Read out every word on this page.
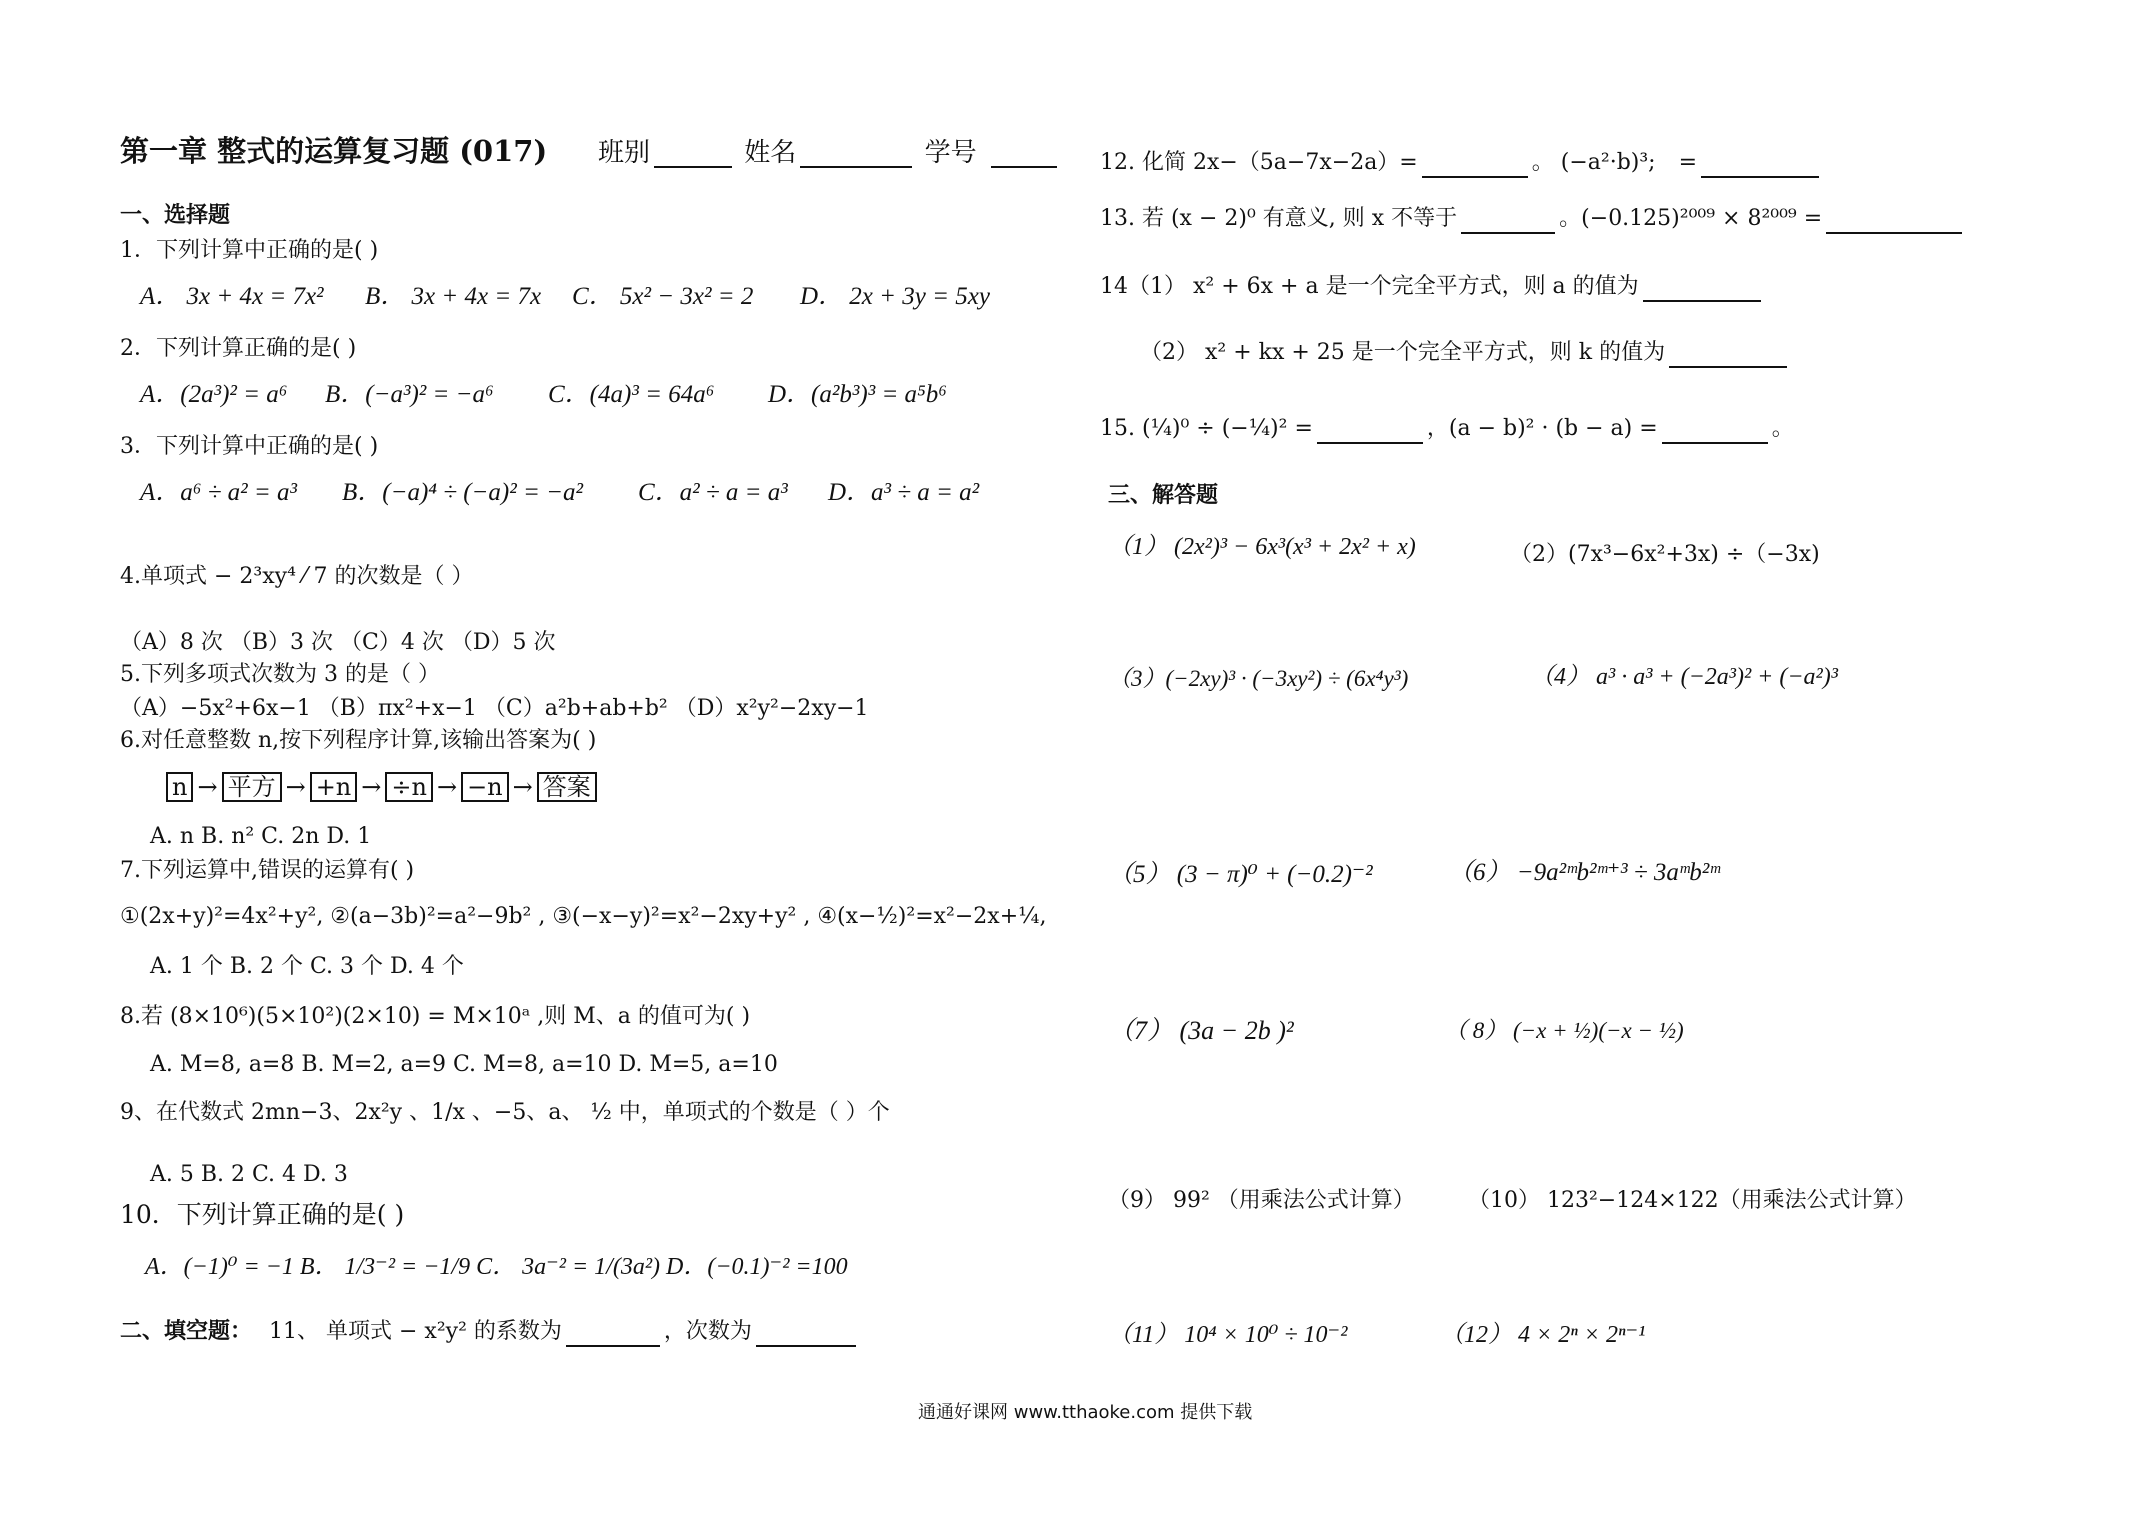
第一章 整式的运算复习题 (017) 班别	姓名	学号
一、选择题
1．下列计算中正确的是( )
A． 3x + 4x = 7x² B． 3x + 4x = 7x C． 5x² − 3x² = 2 D． 2x + 3y = 5xy
2．下列计算正确的是( )
A．(2a³)² = a⁶ B．(−a³)² = −a⁶ C．(4a)³ = 64a⁶ D．(a²b³)³ = a⁵b⁶
3．下列计算中正确的是( )
A．a⁶ ÷ a² = a³ B．(−a)⁴ ÷ (−a)² = −a² C．a² ÷ a = a³ D．a³ ÷ a = a²
4.单项式 − 2³xy⁴ ⁄ 7 的次数是（ ）
（A）8 次 （B）3 次 （C）4 次 （D）5 次
5.下列多项式次数为 3 的是（ ）
（A）−5x²+6x−1 （B）πx²+x−1 （C）a²b+ab+b² （D）x²y²−2xy−1
6.对任意整数 n,按下列程序计算,该输出答案为( )
n → 平方 → +n → ÷n → −n → 答案
A. n B. n² C. 2n D. 1
7.下列运算中,错误的运算有( )
①(2x+y)²=4x²+y², ②(a−3b)²=a²−9b² , ③(−x−y)²=x²−2xy+y² , ④(x−½)²=x²−2x+¼,
A. 1 个 B. 2 个 C. 3 个 D. 4 个
8.若 (8×10⁶)(5×10²)(2×10) = M×10ᵃ ,则 M、a 的值可为( )
A. M=8, a=8 B. M=2, a=9 C. M=8, a=10 D. M=5, a=10
9、在代数式 2mn−3、2x²y 、1/x 、−5、a、 ½ 中，单项式的个数是（ ）个
A. 5 B. 2 C. 4 D. 3
10．下列计算正确的是( )
A．(−1)⁰ = −1 B． 1/3⁻² = −1/9 C． 3a⁻² = 1/(3a²) D．(−0.1)⁻² =100
二、填空题： 11、 单项式 − x²y² 的系数为	，次数为
12. 化简 2x−（5a−7x−2a）=	。 (−a²·b)³; =
13. 若 (x − 2)⁰ 有意义, 则 x 不等于	。(−0.125)²⁰⁰⁹ × 8²⁰⁰⁹ =
14（1） x² + 6x + a 是一个完全平方式，则 a 的值为
（2） x² + kx + 25 是一个完全平方式，则 k 的值为
15. (¼)⁰ ÷ (−¼)² =	，(a − b)² · (b − a) =	。
三、解答题
（1） (2x²)³ − 6x³(x³ + 2x² + x)	（2）(7x³−6x²+3x) ÷（−3x)
（3）(−2xy)³ · (−3xy²) ÷ (6x⁴y³)	（4） a³ · a³ + (−2a³)² + (−a²)³
（5） (3 − π)⁰ + (−0.2)⁻²	（6） −9a²ᵐb²ᵐ⁺³ ÷ 3aᵐb²ᵐ
（7） (3a − 2b )²	（ 8） (−x + ½)(−x − ½)
（9） 99² （用乘法公式计算） （10） 123²−124×122（用乘法公式计算）
（11） 10⁴ × 10⁰ ÷ 10⁻²	（12） 4 × 2ⁿ × 2ⁿ⁻¹
通通好课网 www.tthaoke.com 提供下载
